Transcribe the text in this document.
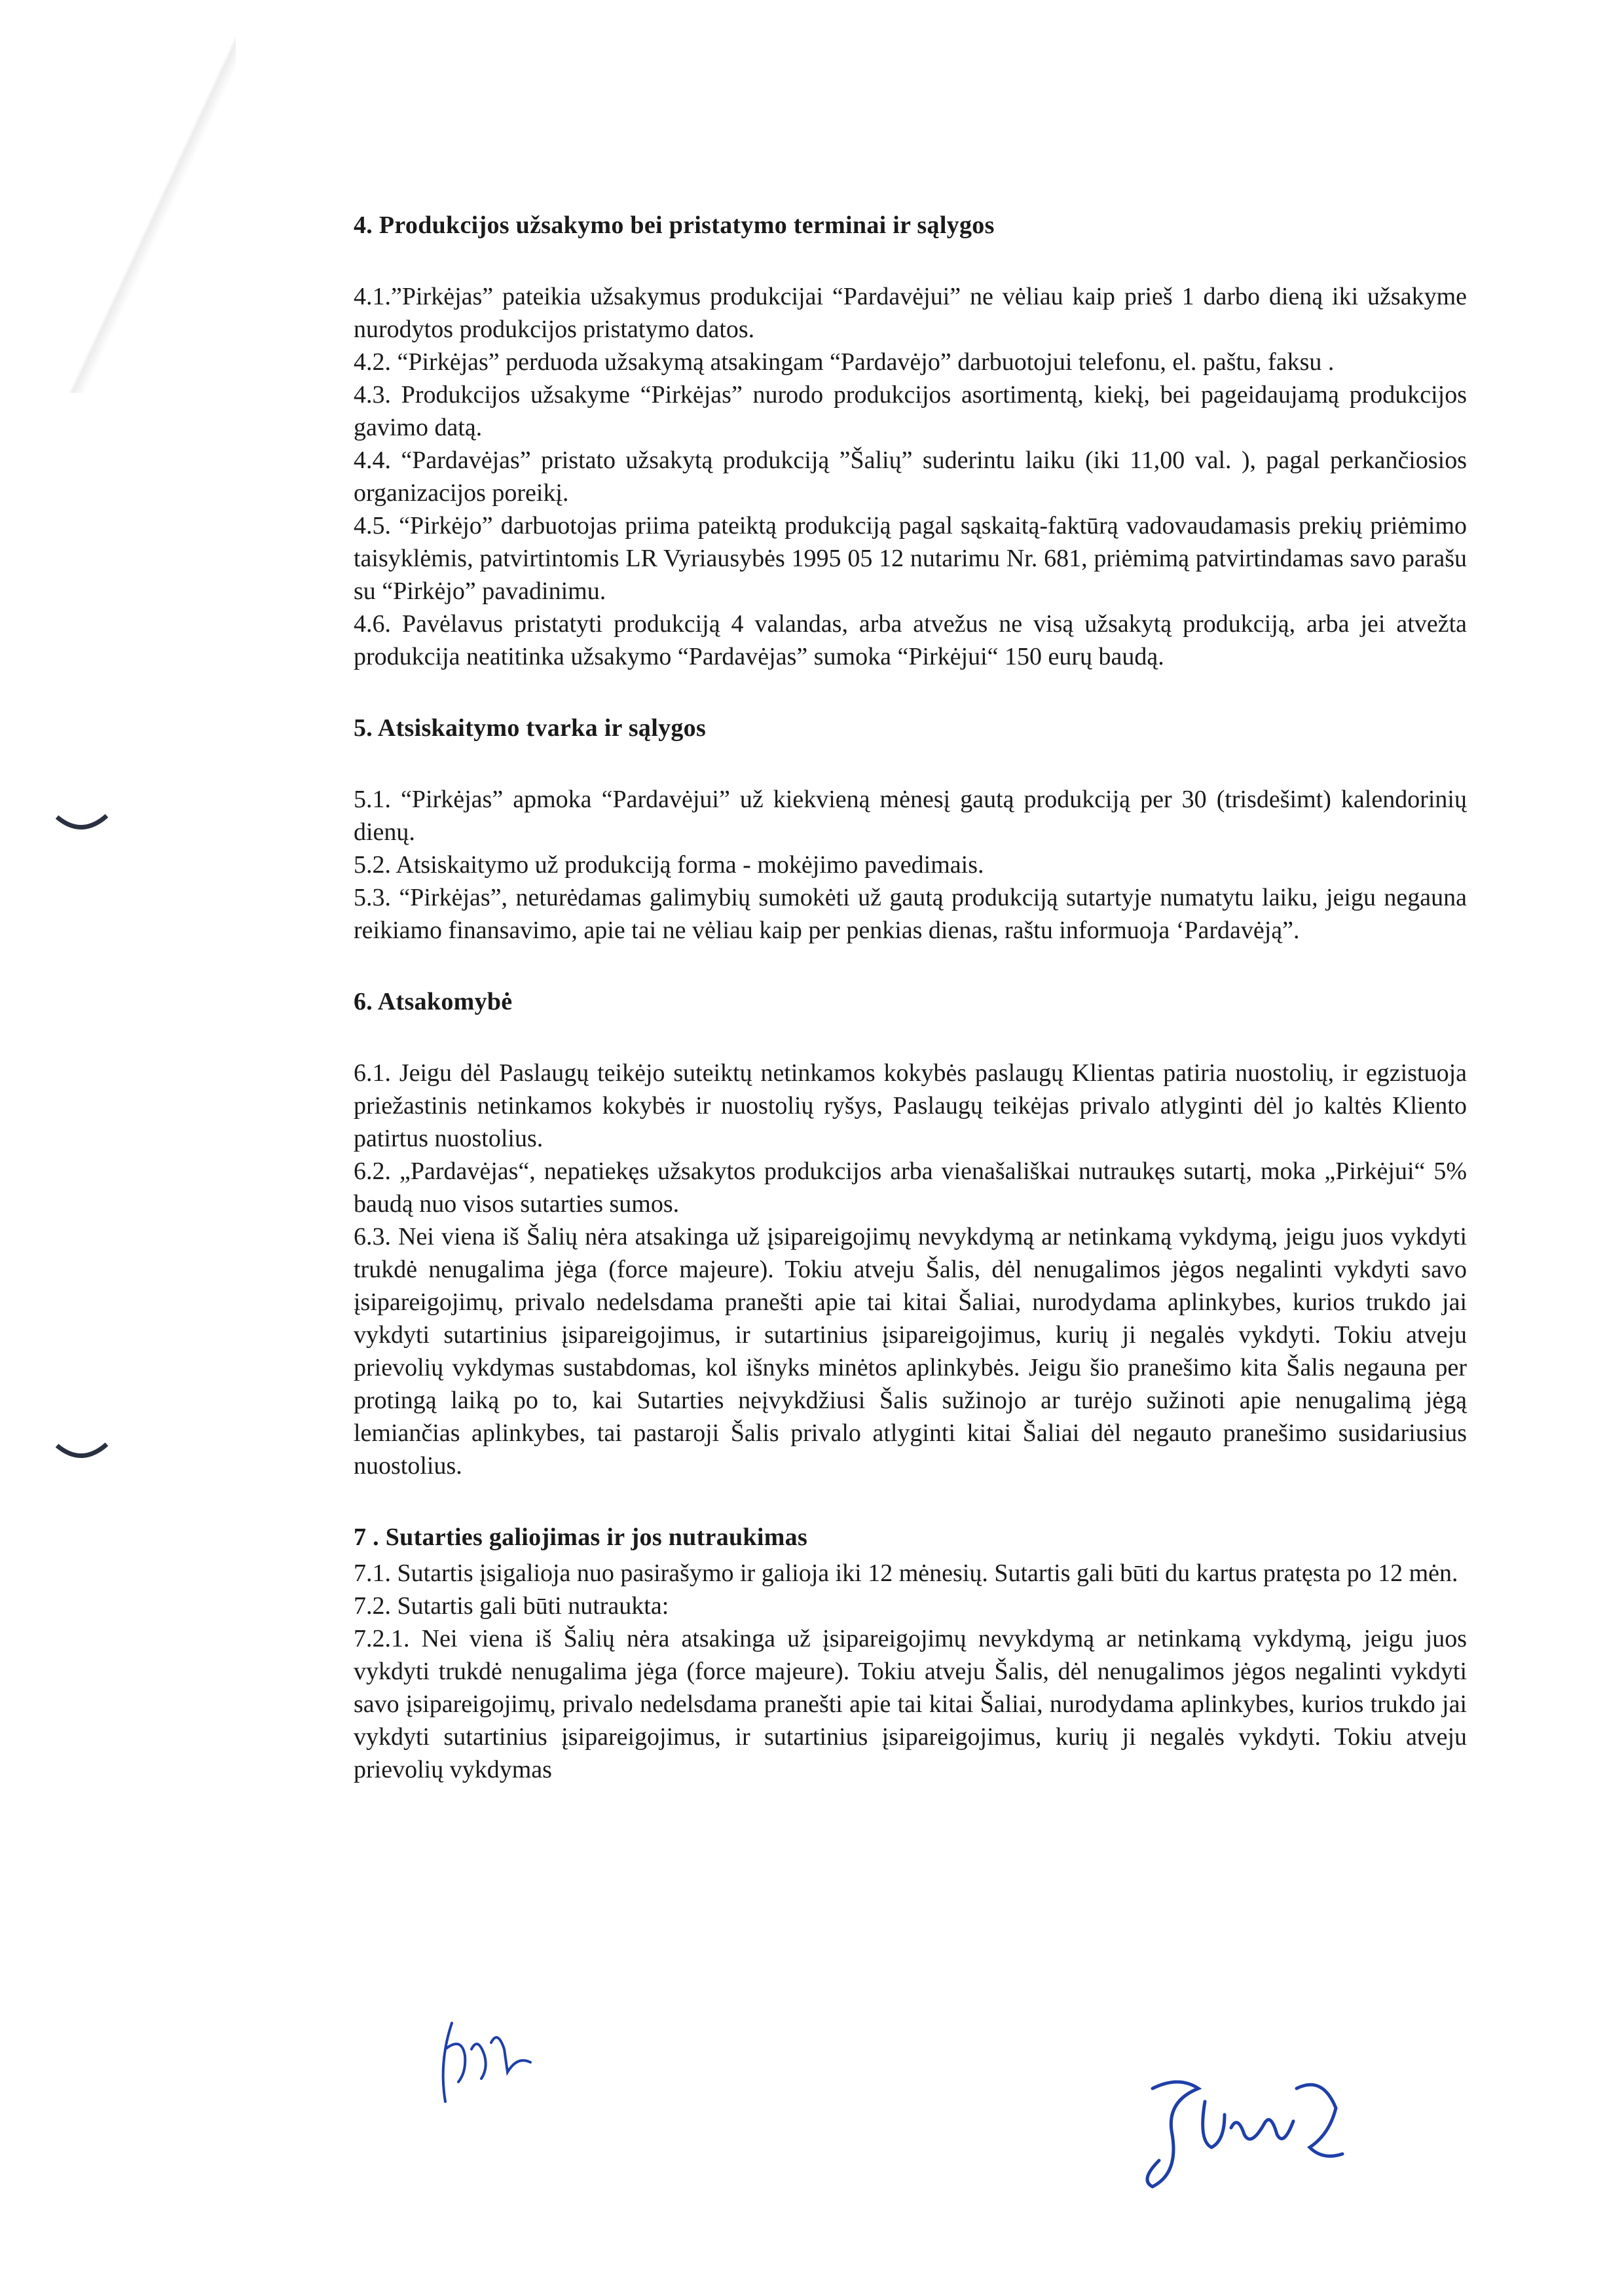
4. Produkcijos užsakymo bei pristatymo terminai ir sąlygos

4.1.”Pirkėjas” pateikia užsakymus produkcijai “Pardavėjui” ne vėliau kaip prieš 1 darbo dieną iki užsakyme nurodytos produkcijos pristatymo datos.

4.2. “Pirkėjas” perduoda užsakymą atsakingam “Pardavėjo” darbuotojui telefonu, el. paštu, faksu .

4.3. Produkcijos užsakyme “Pirkėjas” nurodo produkcijos asortimentą, kiekį, bei pageidaujamą produkcijos gavimo datą.

4.4. “Pardavėjas” pristato užsakytą produkciją ”Šalių” suderintu laiku (iki 11,00 val. ), pagal perkančiosios organizacijos poreikį.

4.5. “Pirkėjo” darbuotojas priima pateiktą produkciją pagal sąskaitą-faktūrą vadovaudamasis prekių priėmimo taisyklėmis, patvirtintomis LR Vyriausybės 1995 05 12 nutarimu Nr. 681, priėmimą patvirtindamas savo parašu su “Pirkėjo” pavadinimu.

4.6. Pavėlavus pristatyti produkciją 4 valandas, arba atvežus ne visą užsakytą produkciją, arba jei atvežta produkcija neatitinka užsakymo “Pardavėjas” sumoka “Pirkėjui“ 150 eurų baudą.

5. Atsiskaitymo tvarka ir sąlygos

5.1. “Pirkėjas” apmoka “Pardavėjui” už kiekvieną mėnesį gautą produkciją per 30 (trisdešimt) kalendorinių dienų.

5.2. Atsiskaitymo už produkciją forma - mokėjimo pavedimais.

5.3. “Pirkėjas”, neturėdamas galimybių sumokėti už gautą produkciją sutartyje numatytu laiku, jeigu negauna reikiamo finansavimo, apie tai ne vėliau kaip per penkias dienas, raštu informuoja ‘Pardavėją”.

6. Atsakomybė

6.1. Jeigu dėl Paslaugų teikėjo suteiktų netinkamos kokybės paslaugų Klientas patiria nuostolių, ir egzistuoja priežastinis netinkamos kokybės ir nuostolių ryšys, Paslaugų teikėjas privalo atlyginti dėl jo kaltės Kliento patirtus nuostolius.

6.2. „Pardavėjas“, nepatiekęs užsakytos produkcijos arba vienašališkai nutraukęs sutartį, moka „Pirkėjui“ 5% baudą nuo visos sutarties sumos.

6.3. Nei viena iš Šalių nėra atsakinga už įsipareigojimų nevykdymą ar netinkamą vykdymą, jeigu juos vykdyti trukdė nenugalima jėga (force majeure). Tokiu atveju Šalis, dėl nenugalimos jėgos negalinti vykdyti savo įsipareigojimų, privalo nedelsdama pranešti apie tai kitai Šaliai, nurodydama aplinkybes, kurios trukdo jai vykdyti sutartinius įsipareigojimus, ir sutartinius įsipareigojimus, kurių ji negalės vykdyti. Tokiu atveju prievolių vykdymas sustabdomas, kol išnyks minėtos aplinkybės. Jeigu šio pranešimo kita Šalis negauna per protingą laiką po to, kai Sutarties neįvykdžiusi Šalis sužinojo ar turėjo sužinoti apie nenugalimą jėgą lemiančias aplinkybes, tai pastaroji Šalis privalo atlyginti kitai Šaliai dėl negauto pranešimo susidariusius nuostolius.

7 . Sutarties galiojimas ir jos nutraukimas

7.1. Sutartis įsigalioja nuo pasirašymo ir galioja iki 12 mėnesių. Sutartis gali būti du kartus pratęsta po 12 mėn.

7.2. Sutartis gali būti nutraukta:

7.2.1. Nei viena iš Šalių nėra atsakinga už įsipareigojimų nevykdymą ar netinkamą vykdymą, jeigu juos vykdyti trukdė nenugalima jėga (force majeure). Tokiu atveju Šalis, dėl nenugalimos jėgos negalinti vykdyti savo įsipareigojimų, privalo nedelsdama pranešti apie tai kitai Šaliai, nurodydama aplinkybes, kurios trukdo jai vykdyti sutartinius įsipareigojimus, ir sutartinius įsipareigojimus, kurių ji negalės vykdyti. Tokiu atveju prievolių vykdymas
